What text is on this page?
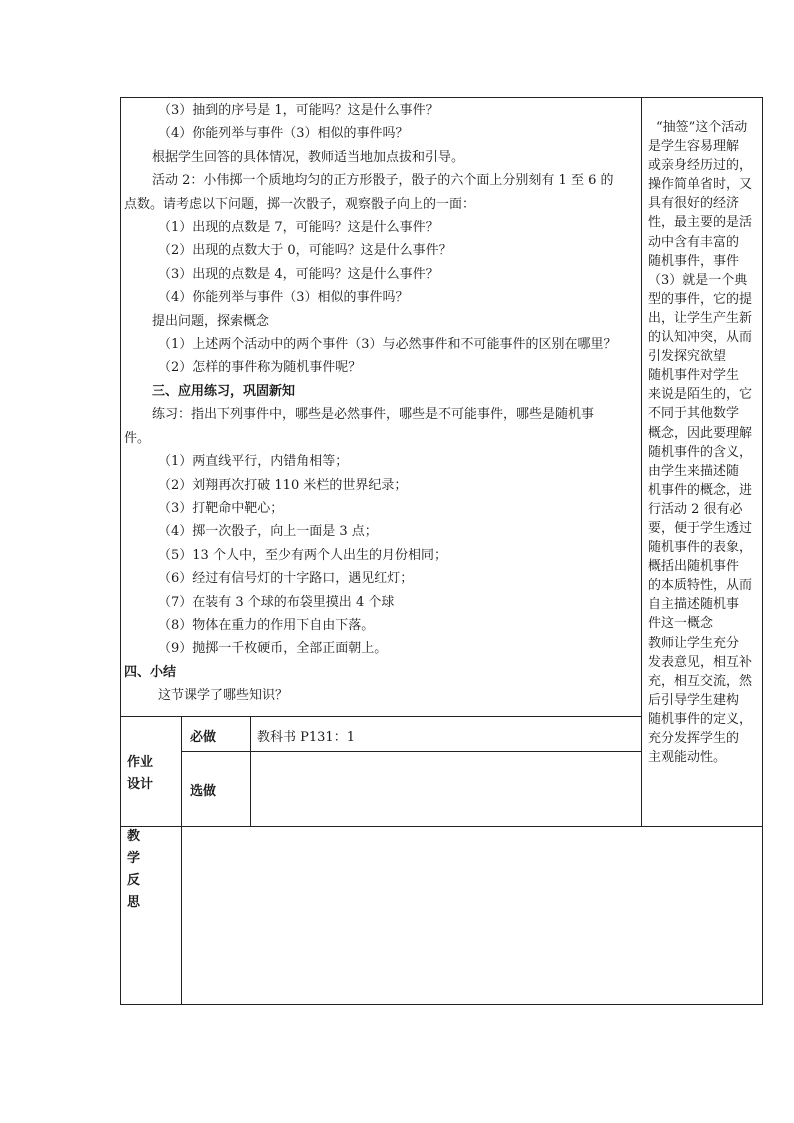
（3）抽到的序号是 1，可能吗？这是什么事件？

（4）你能列举与事件（3）相似的事件吗？

根据学生回答的具体情况，教师适当地加点拔和引导。

活动 2：小伟掷一个质地均匀的正方形骰子，骰子的六个面上分别刻有 1 至 6 的

点数。请考虑以下问题，掷一次骰子，观察骰子向上的一面：

（1）出现的点数是 7，可能吗？这是什么事件？

（2）出现的点数大于 0，可能吗？这是什么事件？

（3）出现的点数是 4，可能吗？这是什么事件？

（4）你能列举与事件（3）相似的事件吗？

提出问题，探索概念

（1）上述两个活动中的两个事件（3）与必然事件和不可能事件的区别在哪里？

（2）怎样的事件称为随机事件呢？

三、应用练习，巩固新知

练习：指出下列事件中，哪些是必然事件，哪些是不可能事件，哪些是随机事

件。

（1）两直线平行，内错角相等；

（2）刘翔再次打破 110 米栏的世界纪录；

（3）打靶命中靶心；

（4）掷一次骰子，向上一面是 3 点；

（5）13 个人中，至少有两个人出生的月份相同；

（6）经过有信号灯的十字路口，遇见红灯；

（7）在装有 3 个球的布袋里摸出 4 个球

（8）物体在重力的作用下自由下落。

（9）抛掷一千枚硬币，全部正面朝上。

四、小结

这节课学了哪些知识？

“抽签”这个活动

是学生容易理解

或亲身经历过的，

操作简单省时，又

具有很好的经济

性，最主要的是活

动中含有丰富的

随机事件，事件

（3）就是一个典

型的事件，它的提

出，让学生产生新

的认知冲突，从而

引发探究欲望

随机事件对学生

来说是陌生的，它

不同于其他数学

概念，因此要理解

随机事件的含义，

由学生来描述随

机事件的概念，进

行活动 2 很有必

要，便于学生透过

随机事件的表象，

概括出随机事件

的本质特性，从而

自主描述随机事

件这一概念

教师让学生充分

发表意见，相互补

充，相互交流，然

后引导学生建构

随机事件的定义，

充分发挥学生的

主观能动性。

作业
设计
必做	教科书 P131：1
选做
教
学
反
思
